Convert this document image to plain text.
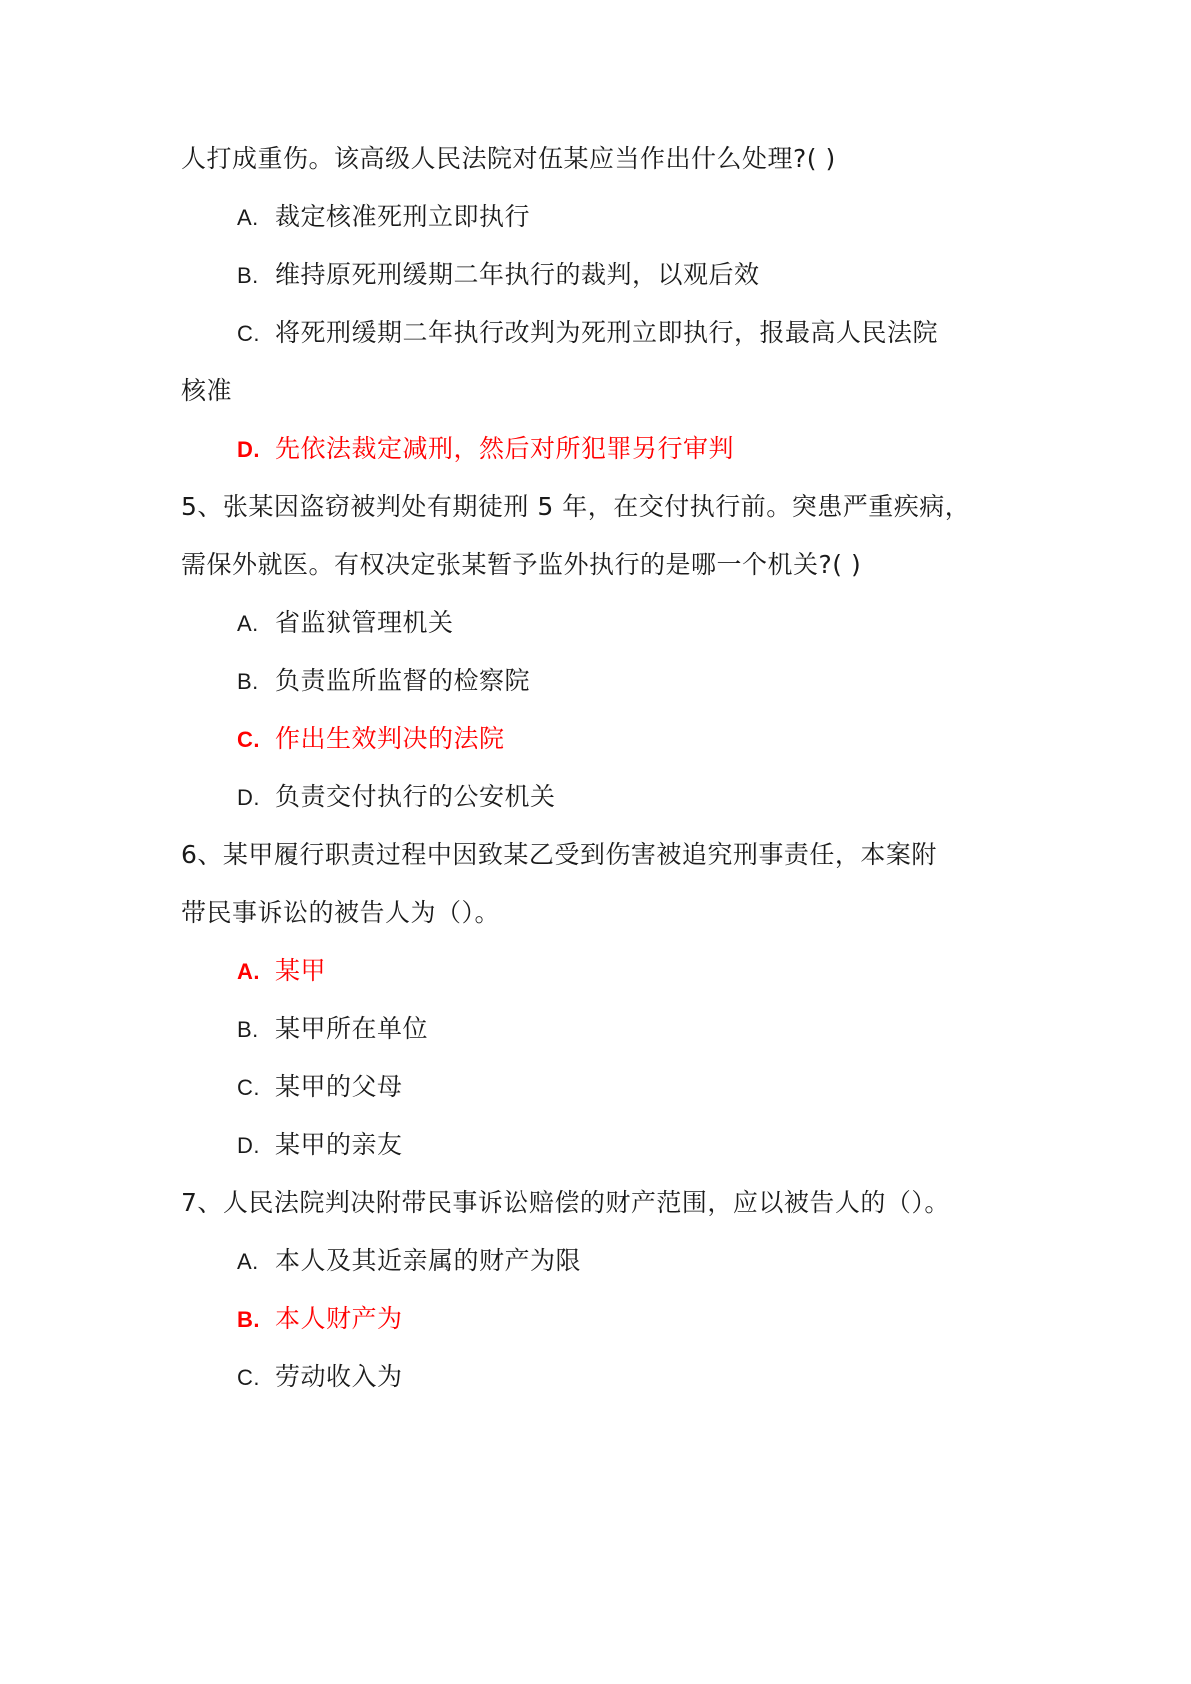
人打成重伤。该高级人民法院对伍某应当作出什么处理?( )
A. 裁定核准死刑立即执行
B. 维持原死刑缓期二年执行的裁判，以观后效
C. 将死刑缓期二年执行改判为死刑立即执行，报最高人民法院
核准
D. 先依法裁定减刑，然后对所犯罪另行审判
5、张某因盗窃被判处有期徒刑 5 年，在交付执行前。突患严重疾病，
需保外就医。有权决定张某暂予监外执行的是哪一个机关?( )
A. 省监狱管理机关
B. 负责监所监督的检察院
C. 作出生效判决的法院
D. 负责交付执行的公安机关
6、某甲履行职责过程中因致某乙受到伤害被追究刑事责任，本案附
带民事诉讼的被告人为（）。
A. 某甲
B. 某甲所在单位
C. 某甲的父母
D. 某甲的亲友
7、人民法院判决附带民事诉讼赔偿的财产范围，应以被告人的（）。
A. 本人及其近亲属的财产为限
B. 本人财产为
C. 劳动收入为
